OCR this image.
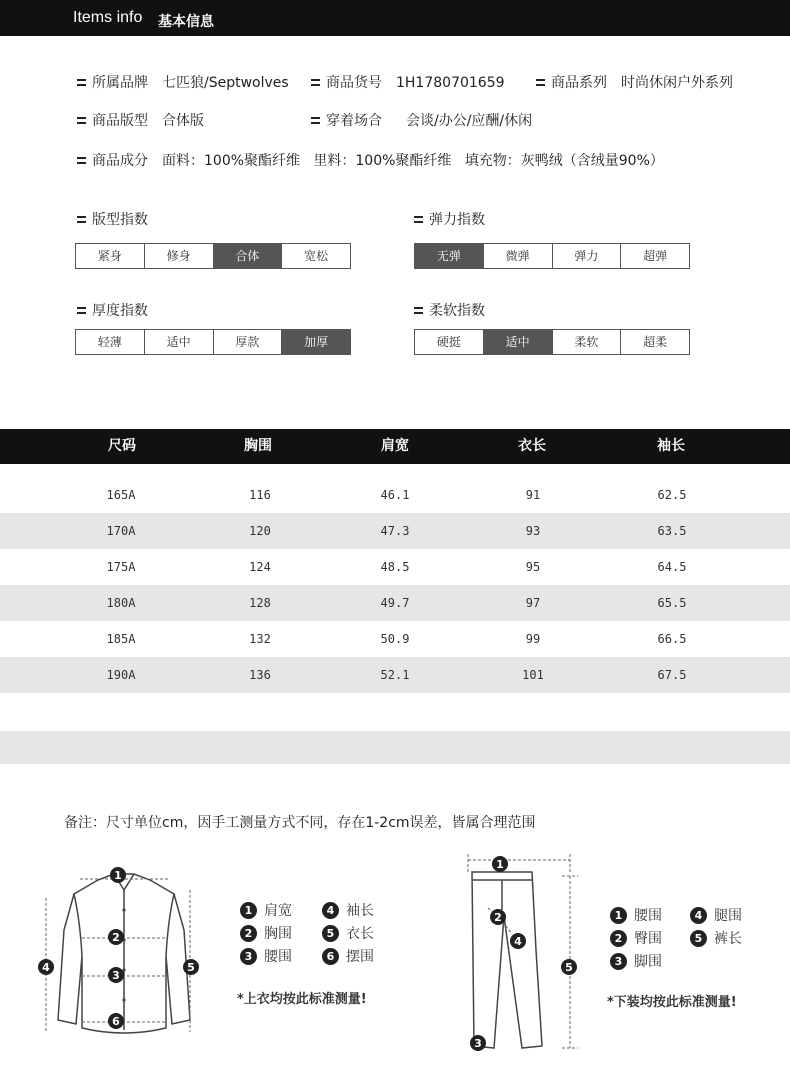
Items info 基本信息
所属品牌 七匹狼/Septwolves	商品货号 1H1780701659	商品系列 时尚休闲户外系列
商品版型 合体版	穿着场合 会谈/办公/应酬/休闲
商品成分 面料：100%聚酯纤维   里料：100%聚酯纤维   填充物：灰鸭绒（含绒量90%）
版型指数
紧身	修身	合体	宽松
弹力指数
无弹	微弹	弹力	超弹
厚度指数
轻薄	适中	厚款	加厚
柔软指数
硬挺	适中	柔软	超柔
尺码	胸围	肩宽	衣长	袖长
165A	116	46.1	91	62.5
170A	120	47.3	93	63.5
175A	124	48.5	95	64.5
180A	128	49.7	97	65.5
185A	132	50.9	99	66.5
190A	136	52.1	101	67.5
备注：尺寸单位cm，因手工测量方式不同，存在1-2cm误差，皆属合理范围
1
2
3
4	5
6
1 肩宽	4 袖长
2 胸围	5 衣长
3 腰围	6 摆围
*上衣均按此标准测量!
1
2
3
4
5
1 腰围	4 腿围
2 臀围	5 裤长
3 脚围
*下装均按此标准测量!
